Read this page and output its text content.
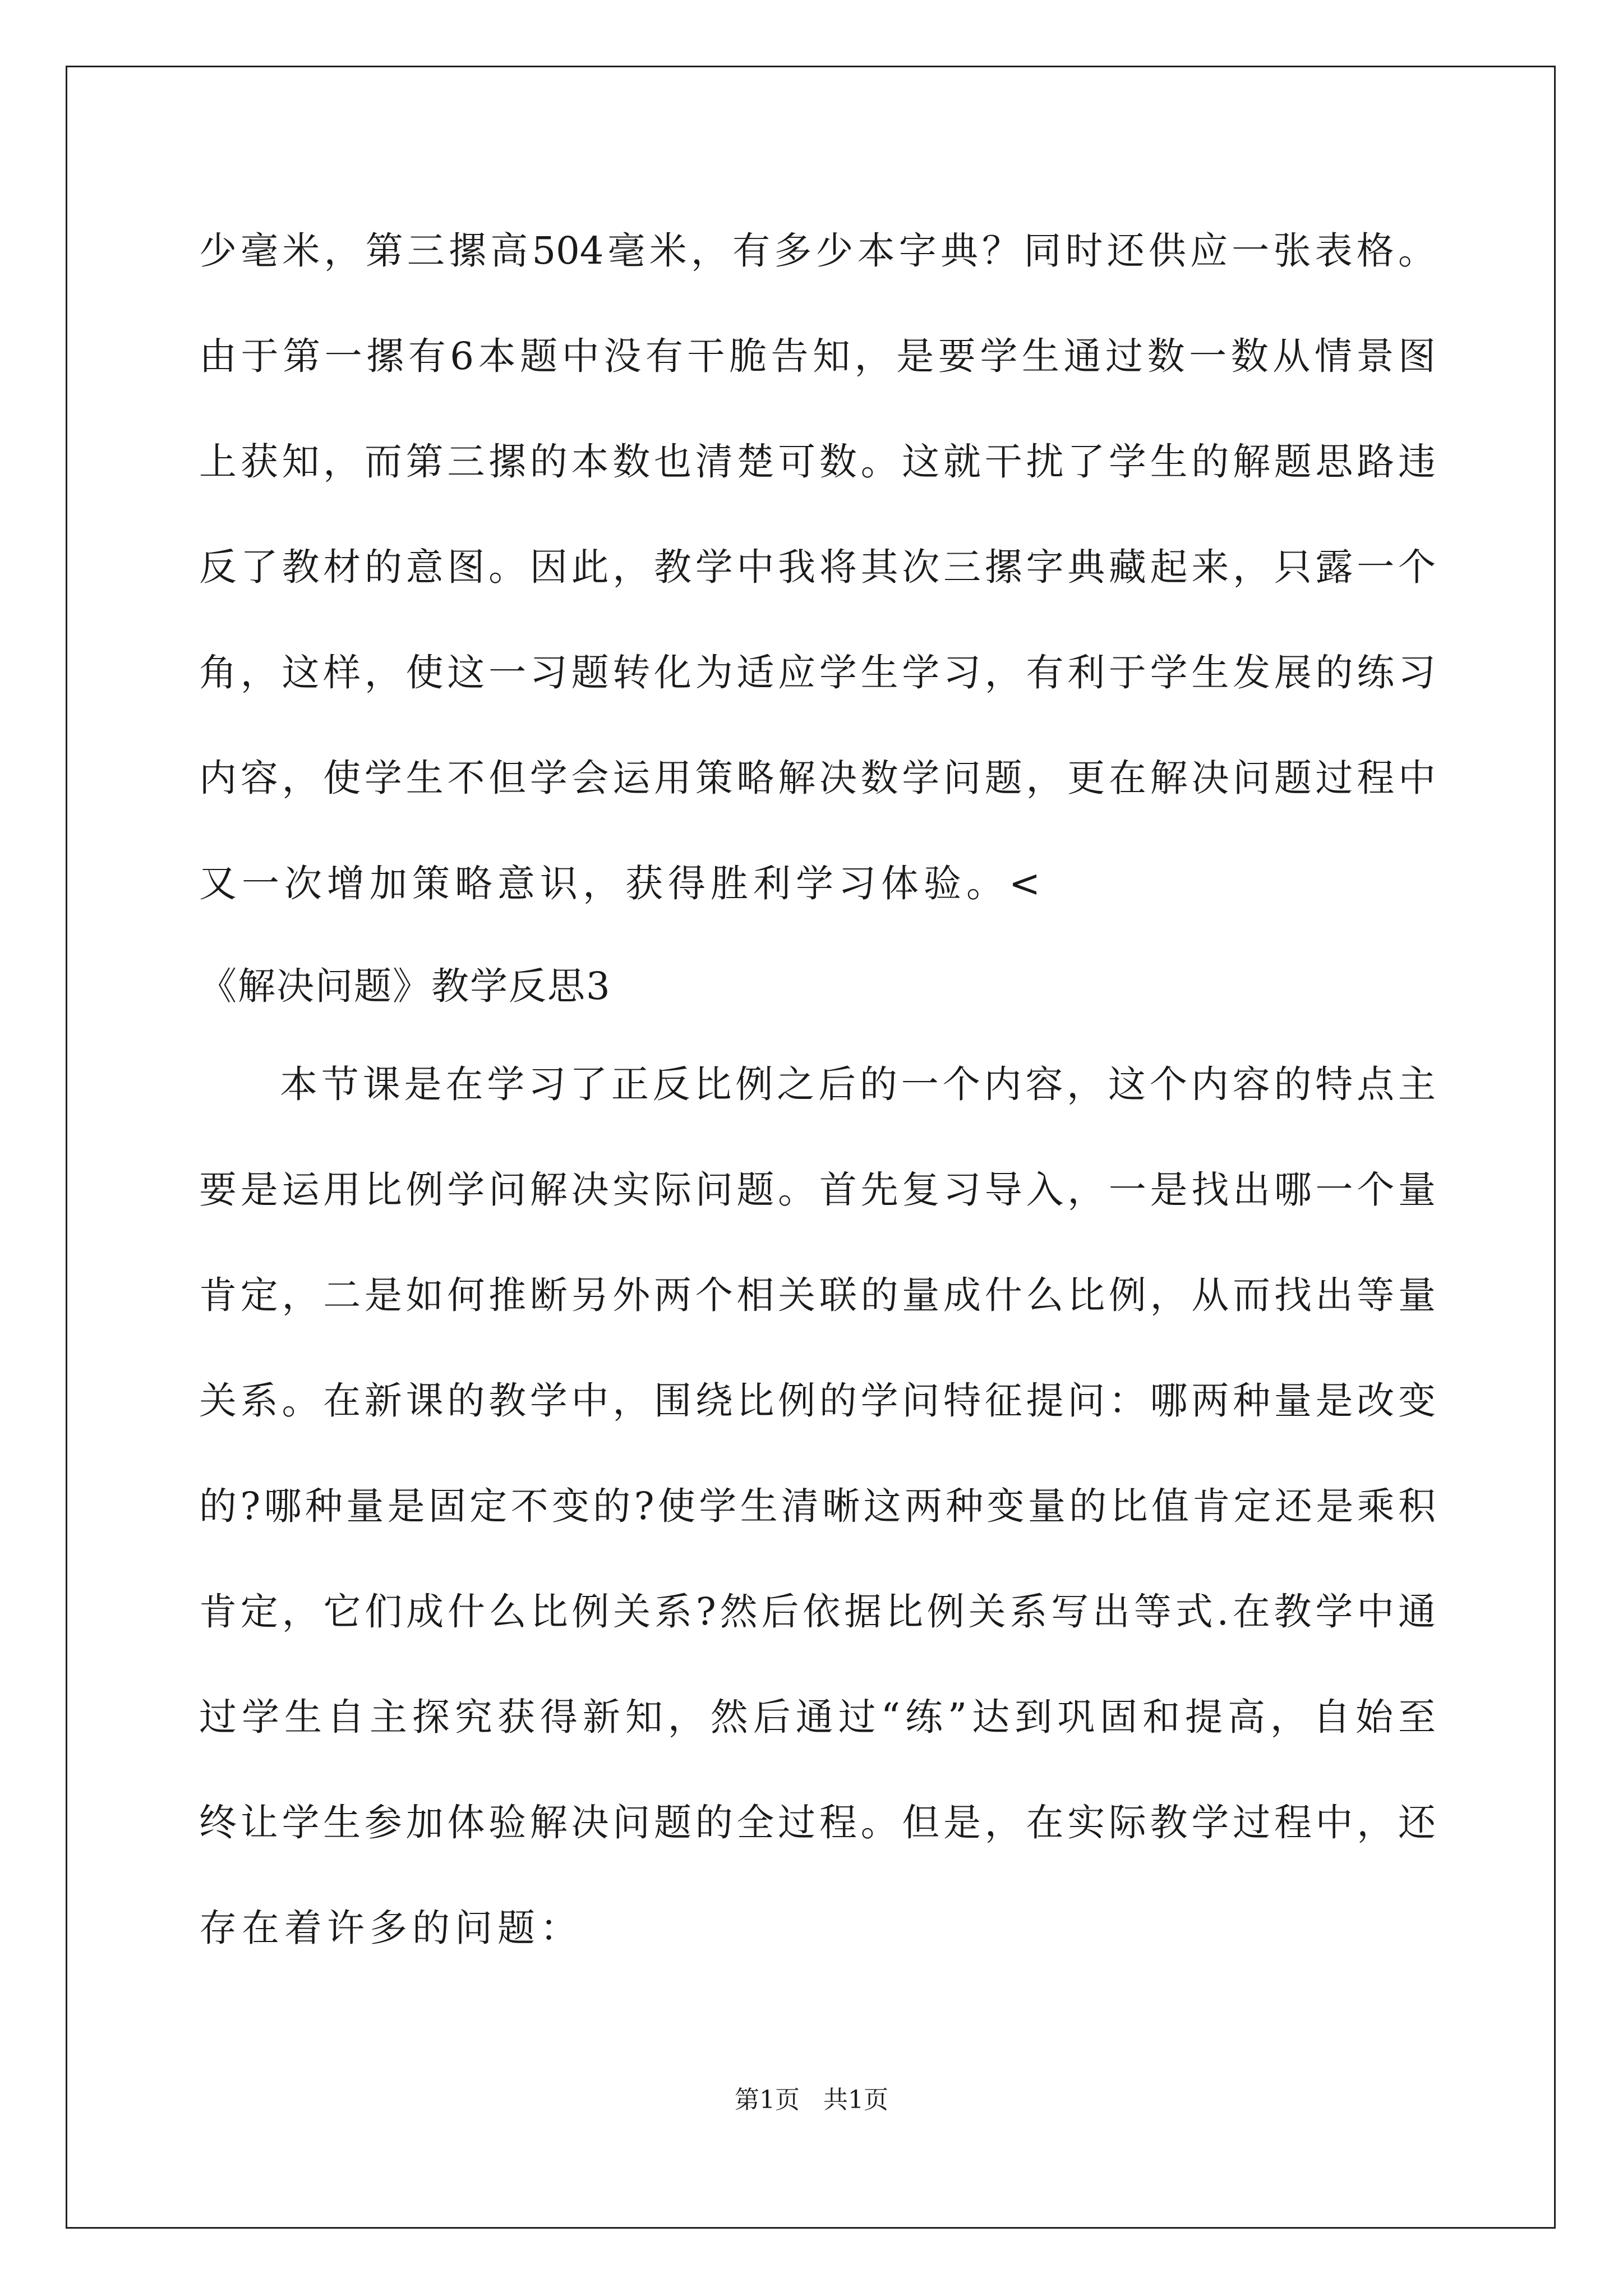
少毫米，第三摞高504毫米，有多少本字典？同时还供应一张表格。
由于第一摞有6本题中没有干脆告知，是要学生通过数一数从情景图
上获知，而第三摞的本数也清楚可数。这就干扰了学生的解题思路违
反了教材的意图。因此，教学中我将其次三摞字典藏起来，只露一个
角，这样，使这一习题转化为适应学生学习，有利于学生发展的练习
内容，使学生不但学会运用策略解决数学问题，更在解决问题过程中
又一次增加策略意识，获得胜利学习体验。<
《解决问题》教学反思3
本节课是在学习了正反比例之后的一个内容，这个内容的特点主
要是运用比例学问解决实际问题。首先复习导入，一是找出哪一个量
肯定，二是如何推断另外两个相关联的量成什么比例，从而找出等量
关系。在新课的教学中，围绕比例的学问特征提问：哪两种量是改变
的?哪种量是固定不变的?使学生清晰这两种变量的比值肯定还是乘积
肯定，它们成什么比例关系?然后依据比例关系写出等式.在教学中通
过学生自主探究获得新知，然后通过“练”达到巩固和提高，自始至
终让学生参加体验解决问题的全过程。但是，在实际教学过程中，还
存在着许多的问题：
第1页   共1页
